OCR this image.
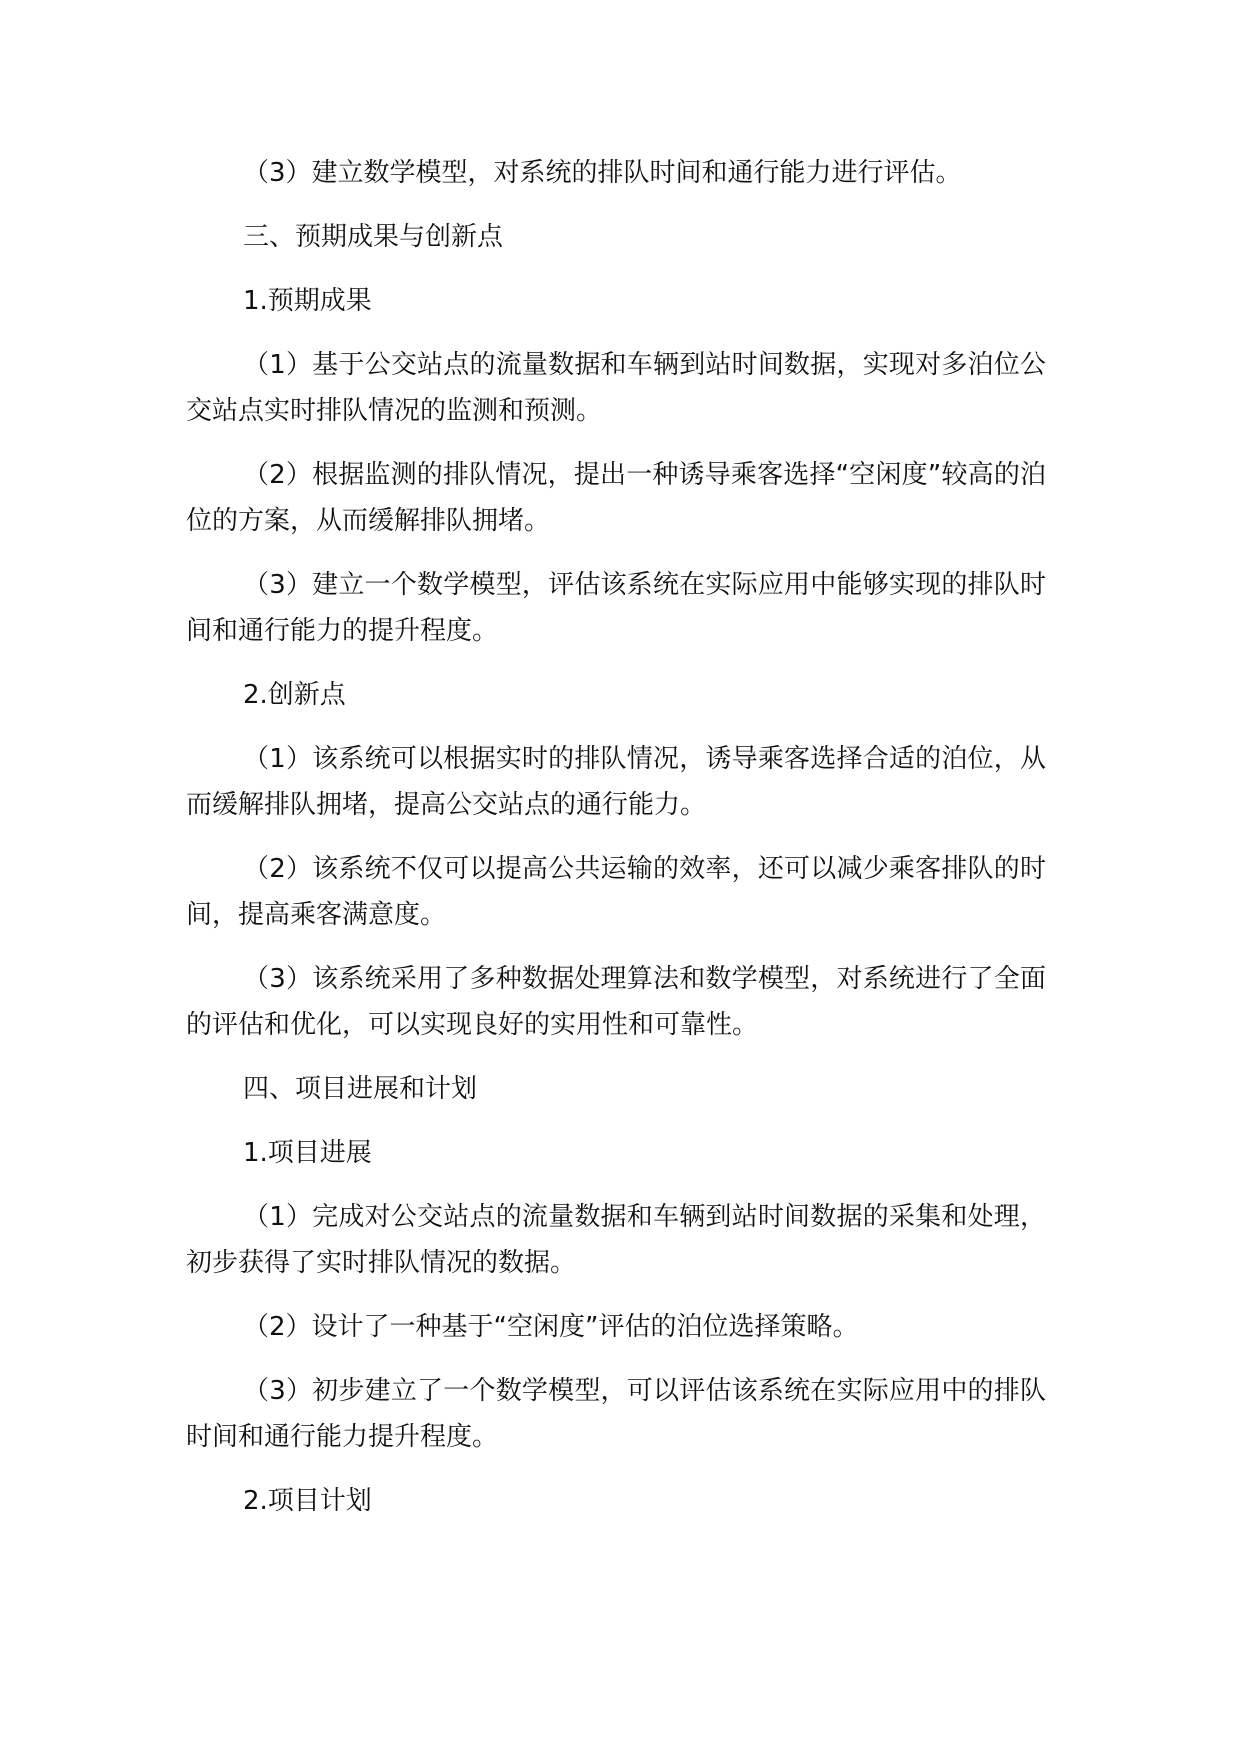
（3）建立数学模型，对系统的排队时间和通行能力进行评估。

三、预期成果与创新点

1.预期成果

（1）基于公交站点的流量数据和车辆到站时间数据，实现对多泊位公交站点实时排队情况的监测和预测。

（2）根据监测的排队情况，提出一种诱导乘客选择“空闲度”较高的泊位的方案，从而缓解排队拥堵。

（3）建立一个数学模型，评估该系统在实际应用中能够实现的排队时间和通行能力的提升程度。

2.创新点

（1）该系统可以根据实时的排队情况，诱导乘客选择合适的泊位，从而缓解排队拥堵，提高公交站点的通行能力。

（2）该系统不仅可以提高公共运输的效率，还可以减少乘客排队的时间，提高乘客满意度。

（3）该系统采用了多种数据处理算法和数学模型，对系统进行了全面的评估和优化，可以实现良好的实用性和可靠性。

四、项目进展和计划

1.项目进展

（1）完成对公交站点的流量数据和车辆到站时间数据的采集和处理，初步获得了实时排队情况的数据。

（2）设计了一种基于“空闲度”评估的泊位选择策略。

（3）初步建立了一个数学模型，可以评估该系统在实际应用中的排队时间和通行能力提升程度。

2.项目计划
